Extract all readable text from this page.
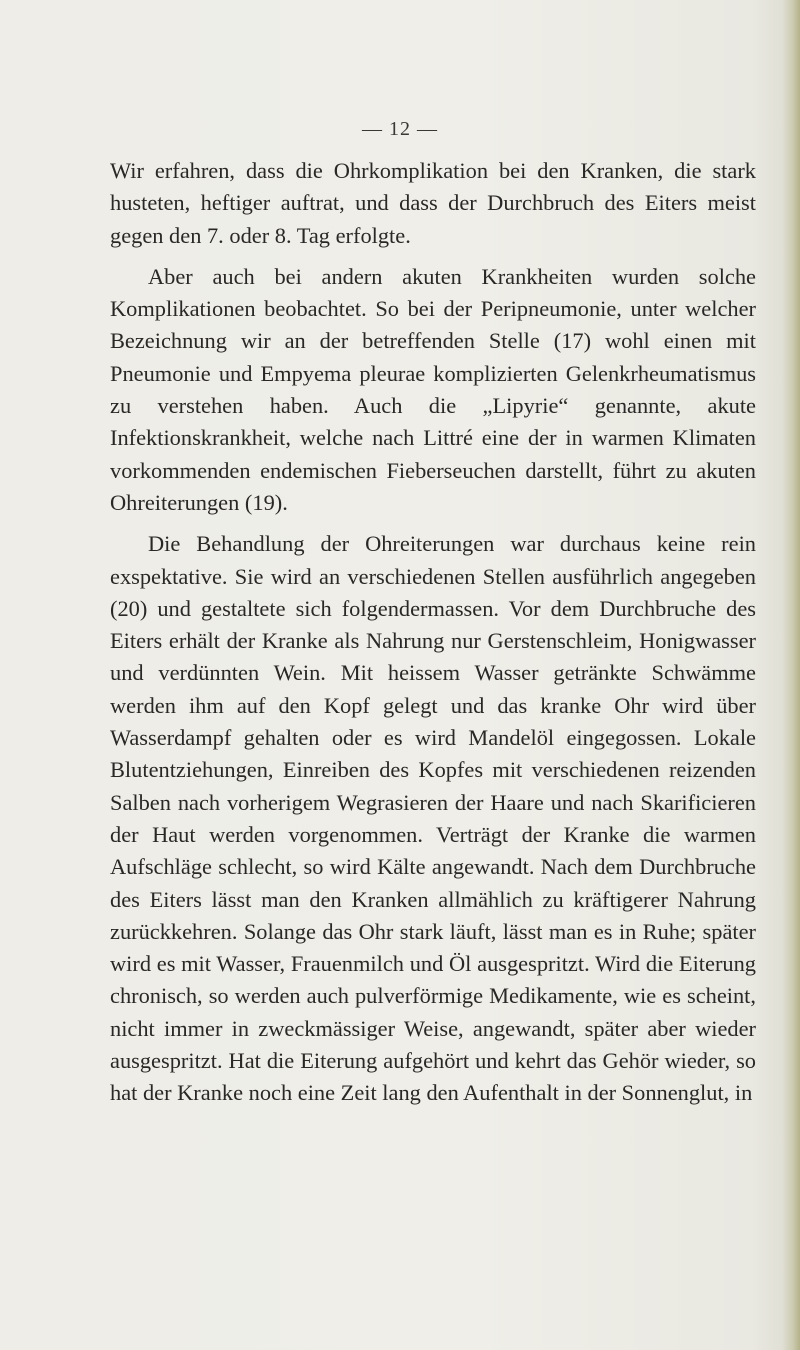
— 12 —

Wir erfahren, dass die Ohrkomplikation bei den Kranken, die stark husteten, heftiger auftrat, und dass der Durchbruch des Eiters meist gegen den 7. oder 8. Tag erfolgte.

Aber auch bei andern akuten Krankheiten wurden solche Komplikationen beobachtet. So bei der Peripneumonie, unter welcher Bezeichnung wir an der betreffenden Stelle (17) wohl einen mit Pneumonie und Empyema pleurae komplizierten Gelenkrheumatismus zu verstehen haben. Auch die „Lipyrie“ genannte, akute Infektionskrankheit, welche nach Littré eine der in warmen Klimaten vorkommenden endemischen Fieberseuchen darstellt, führt zu akuten Ohreiterungen (19).

Die Behandlung der Ohreiterungen war durchaus keine rein exspektative. Sie wird an verschiedenen Stellen ausführlich angegeben (20) und gestaltete sich folgendermassen. Vor dem Durchbruche des Eiters erhält der Kranke als Nahrung nur Gerstenschleim, Honigwasser und verdünnten Wein. Mit heissem Wasser getränkte Schwämme werden ihm auf den Kopf gelegt und das kranke Ohr wird über Wasserdampf gehalten oder es wird Mandelöl eingegossen. Lokale Blutentziehungen, Einreiben des Kopfes mit verschiedenen reizenden Salben nach vorherigem Wegrasieren der Haare und nach Skarificieren der Haut werden vorgenommen. Verträgt der Kranke die warmen Aufschläge schlecht, so wird Kälte angewandt. Nach dem Durchbruche des Eiters lässt man den Kranken allmählich zu kräftigerer Nahrung zurückkehren. Solange das Ohr stark läuft, lässt man es in Ruhe; später wird es mit Wasser, Frauenmilch und Öl ausgespritzt. Wird die Eiterung chronisch, so werden auch pulverförmige Medikamente, wie es scheint, nicht immer in zweckmässiger Weise, angewandt, später aber wieder ausgespritzt. Hat die Eiterung aufgehört und kehrt das Gehör wieder, so hat der Kranke noch eine Zeit lang den Aufenthalt in der Sonnenglut, in
